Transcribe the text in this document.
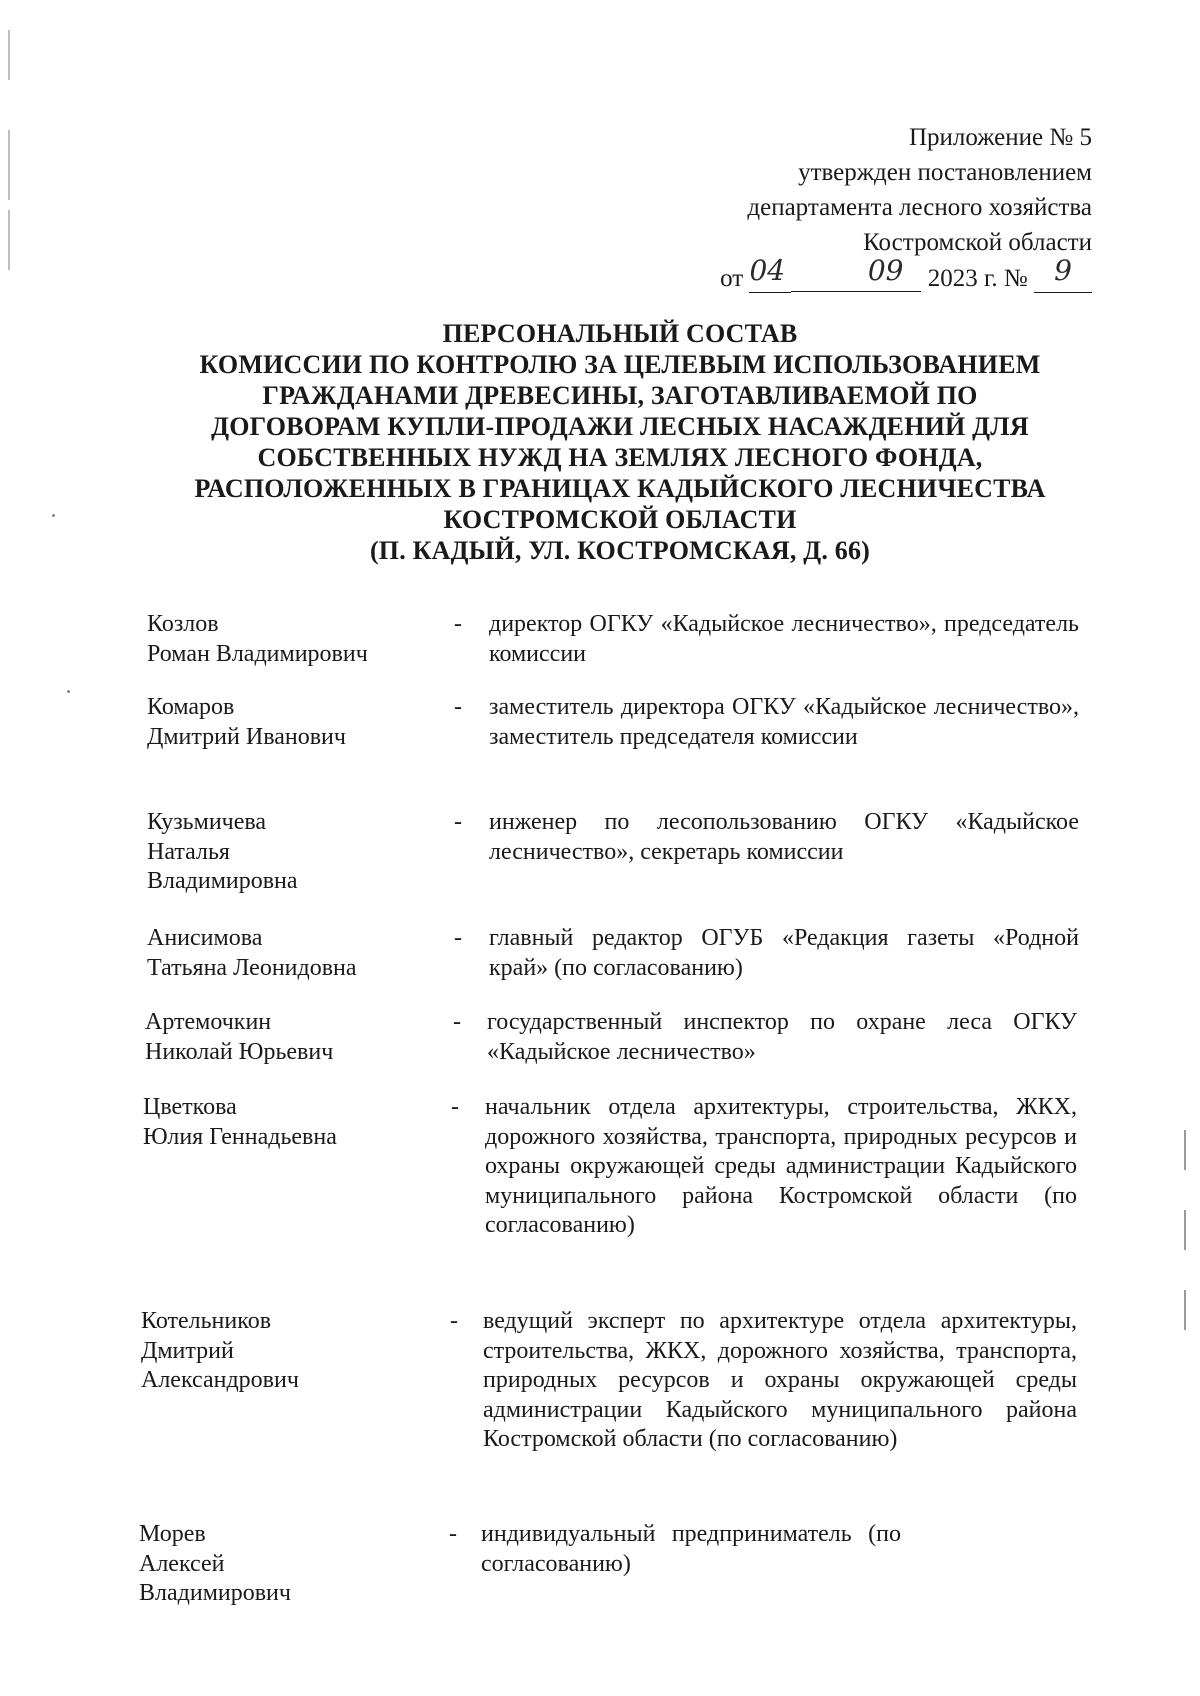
Приложение № 5
утвержден постановлением
департамента лесного хозяйства
Костромской области
от 04	09 2023 г. № 9
ПЕРСОНАЛЬНЫЙ СОСТАВ
КОМИССИИ ПО КОНТРОЛЮ ЗА ЦЕЛЕВЫМ ИСПОЛЬЗОВАНИЕМ
ГРАЖДАНАМИ ДРЕВЕСИНЫ, ЗАГОТАВЛИВАЕМОЙ ПО
ДОГОВОРАМ КУПЛИ-ПРОДАЖИ ЛЕСНЫХ НАСАЖДЕНИЙ ДЛЯ
СОБСТВЕННЫХ НУЖД НА ЗЕМЛЯХ ЛЕСНОГО ФОНДА,
РАСПОЛОЖЕННЫХ В ГРАНИЦАХ КАДЫЙСКОГО ЛЕСНИЧЕСТВА
КОСТРОМСКОЙ ОБЛАСТИ
(П. КАДЫЙ, УЛ. КОСТРОМСКАЯ, Д. 66)
Козлов
Роман Владимирович
- директор ОГКУ «Кадыйское лесничество», председатель комиссии
Комаров
Дмитрий Иванович
- заместитель директора ОГКУ «Кадыйское лесничество», заместитель председателя комиссии
Кузьмичева
Наталья
Владимировна
- инженер по лесопользованию ОГКУ «Кадыйское лесничество», секретарь комиссии
Анисимова
Татьяна Леонидовна
- главный редактор ОГУБ «Редакция газеты «Родной край» (по согласованию)
Артемочкин
Николай Юрьевич
- государственный инспектор по охране леса ОГКУ «Кадыйское лесничество»
Цветкова
Юлия Геннадьевна
- начальник отдела архитектуры, строительства, ЖКХ, дорожного хозяйства, транспорта, природных ресурсов и охраны окружающей среды администрации Кадыйского муниципального района Костромской области (по согласованию)
Котельников
Дмитрий
Александрович
- ведущий эксперт по архитектуре отдела архитектуры, строительства, ЖКХ, дорожного хозяйства, транспорта, природных ресурсов и охраны окружающей среды администрации Кадыйского муниципального района Костромской области (по согласованию)
Морев
Алексей
Владимирович
- индивидуальный предприниматель (по согласованию)
